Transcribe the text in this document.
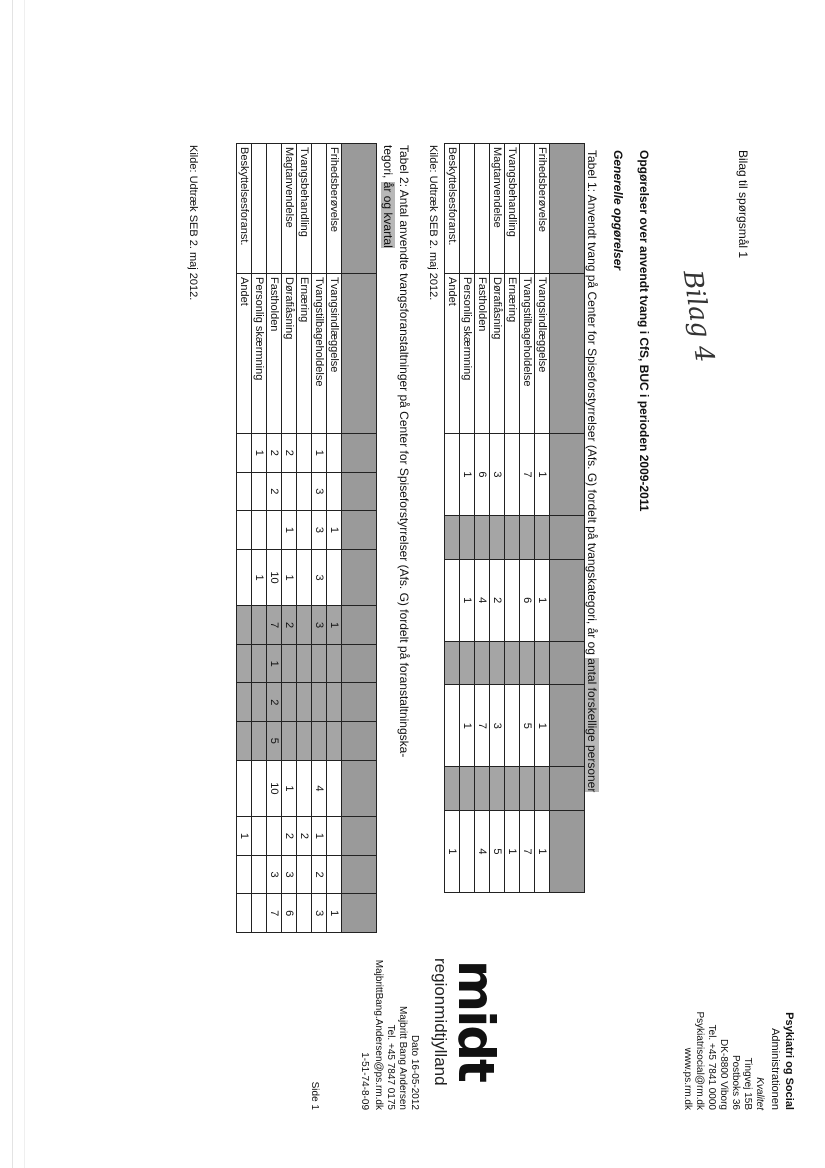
Bilag til spørgsmål 1
Bilag 4
Opgørelser over anvendt tvang i CfS, BUC i perioden 2009-2011
Generelle opgørelser
Tabel 1: Anvendt tvang på Center for Spiseforstyrrelser (Afs. G) fordelt på tvangskategori, år og antal forskellige personer

Frihedsberøvelse	Tvangsindlæggelse	1		1		1		1
	Tvangstilbageholdelse	7		6		5		7
Tvangsbehandling	Ernæring							1
Magtanvendelse	Dørafiåsning	3		2		3		5
	Fastholden	6		4		7		4
	Personlig skærmning	1		1		1		
Beskyttelsesforanst.	Andet							1
Kilde: Udtræk SEB 2. maj 2012.
Tabel 2: Antal anvendte tvangsforanstaltninger på Center for Spiseforstyrrelser (Afs. G) fordelt på foranstaltningska-
tegori, år og kvartal

Frihedsberøvelse	Tvangsindlæggelse			1		1							1
	Tvangstilbageholdelse	1	3	3	3	3				4	1	2	3
Tvangsbehandling	Ernæring										2		
Magtanvendelse	Dørafiåsning	2		1	1	2				1	2	3	6
	Fastholden	2	2		10	7	1	2	5	10		3	7
	Personlig skærmning	1			1								
Beskyttelsesforanst.	Andet										1		
Kilde: Udtræk SEB 2. maj 2012.
Psykiatri og Social
Administrationen
Kvalitet
Tingvej 15B
Postboks 36
DK-8800 Viborg
Tel. +45 7841 0000
Psykiatrisocial@rm.dk
www.ps.rm.dk
midt
regionmidtjylland
Dato 16-05-2012
Majbritt Bang Andersen
Tel. +45 7847 0175
MajbrittBang.Andersen@ps.rm.dk
1-51-74-8-09
Side 1
